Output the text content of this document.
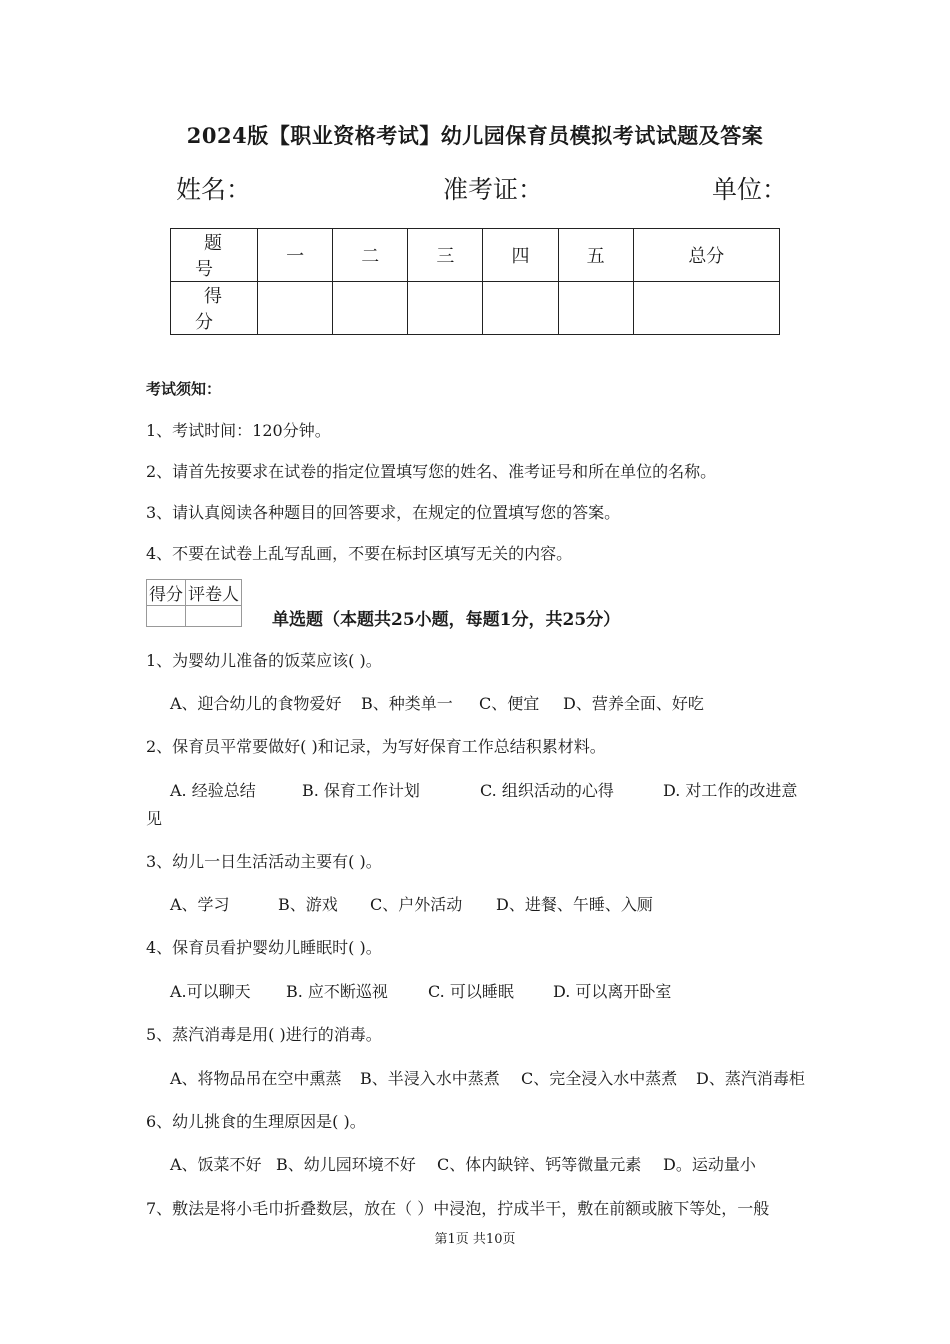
2024版【职业资格考试】幼儿园保育员模拟考试试题及答案
姓名：	准考证：	单位：
题 号	一	二	三	四	五	总分
得 分						
考试须知：
1、考试时间：120分钟。
2、请首先按要求在试卷的指定位置填写您的姓名、准考证号和所在单位的名称。
3、请认真阅读各种题目的回答要求，在规定的位置填写您的答案。
4、不要在试卷上乱写乱画，不要在标封区填写无关的内容。
得分	评卷人

单选题（本题共25小题，每题1分，共25分）
1、为婴幼儿准备的饭菜应该( )。
A、迎合幼儿的食物爱好 B、种类单一 C、便宜 D、营养全面、好吃
2、保育员平常要做好( )和记录，为写好保育工作总结积累材料。
A. 经验总结	B. 保育工作计划	C. 组织活动的心得	D. 对工作的改进意
见
3、幼儿一日生活活动主要有( )。
A、学习	B、游戏 C、户外活动 D、进餐、午睡、入厕
4、保育员看护婴幼儿睡眠时( )。
A.可以聊天 B. 应不断巡视	C. 可以睡眠 D. 可以离开卧室
5、蒸汽消毒是用( )进行的消毒。
A、将物品吊在空中熏蒸 B、半浸入水中蒸煮 C、完全浸入水中蒸煮 D、蒸汽消毒柜
6、幼儿挑食的生理原因是( )。
A、饭菜不好 B、幼儿园环境不好 C、体内缺锌、钙等微量元素 D。运动量小
7、敷法是将小毛巾折叠数层，放在（ ）中浸泡，拧成半干，敷在前额或腋下等处，一般
第1页 共10页
